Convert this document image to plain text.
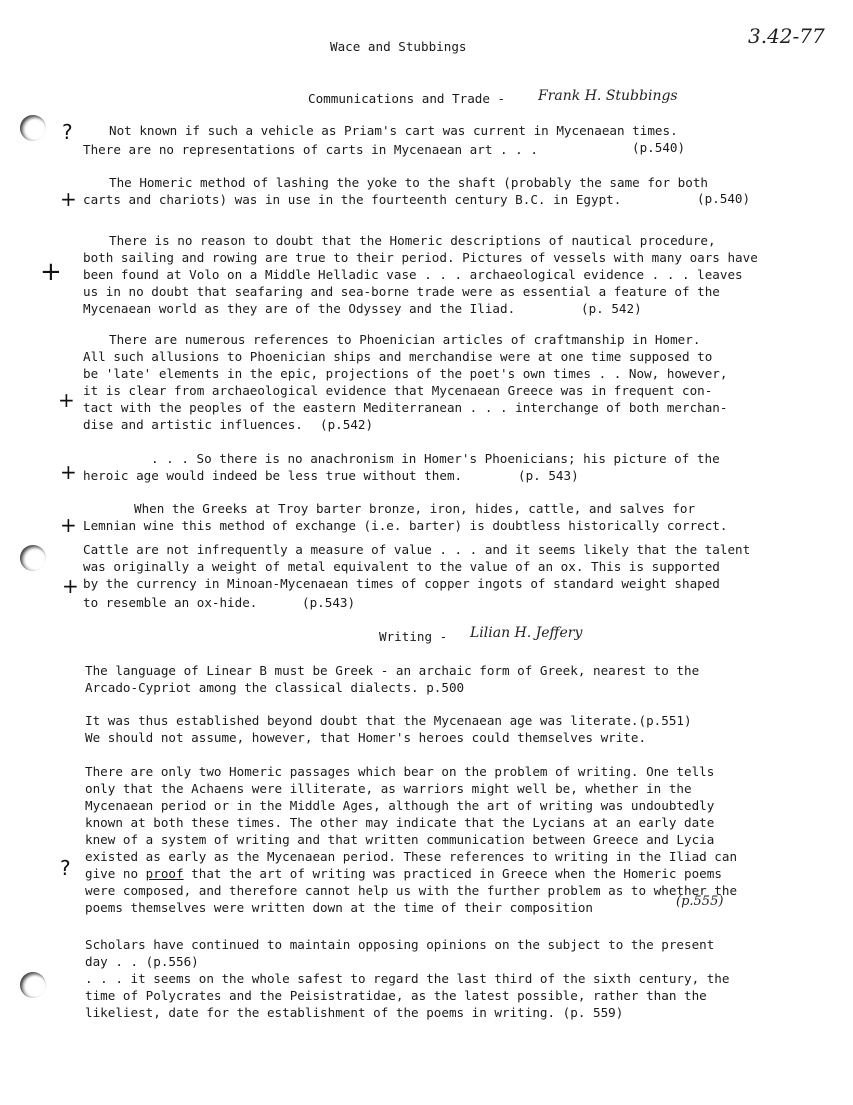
3.42-77
Wace and Stubbings
Communications and Trade - Frank H. Stubbings
?	Not known if such a vehicle as Priam's cart was current in Mycenaean times.
There are no representations of carts in Mycenaean art . . .	(p.540)
+
The Homeric method of lashing the yoke to the shaft (probably the same for both
carts and chariots) was in use in the fourteenth century B.C. in Egypt.	(p.540)
+
There is no reason to doubt that the Homeric descriptions of nautical procedure,
both sailing and rowing are true to their period. Pictures of vessels with many oars have
been found at Volo on a Middle Helladic vase . . . archaeological evidence . . . leaves
us in no doubt that seafaring and sea-borne trade were as essential a feature of the
Mycenaean world as they are of the Odyssey and the Iliad.	(p. 542)
+
There are numerous references to Phoenician articles of craftmanship in Homer.
All such allusions to Phoenician ships and merchandise were at one time supposed to
be 'late' elements in the epic, projections of the poet's own times . . Now, however,
it is clear from archaeological evidence that Mycenaean Greece was in frequent con-
tact with the peoples of the eastern Mediterranean . . . interchange of both merchan-
dise and artistic influences. (p.542)
+
. . . So there is no anachronism in Homer's Phoenicians; his picture of the
heroic age would indeed be less true without them.	(p. 543)
+
When the Greeks at Troy barter bronze, iron, hides, cattle, and salves for
Lemnian wine this method of exchange (i.e. barter) is doubtless historically correct.
+
Cattle are not infrequently a measure of value . . . and it seems likely that the talent
was originally a weight of metal equivalent to the value of an ox. This is supported
by the currency in Minoan-Mycenaean times of copper ingots of standard weight shaped
to resemble an ox-hide.	(p.543)
Writing - Lilian H. Jeffery
The language of Linear B must be Greek - an archaic form of Greek, nearest to the
Arcado-Cypriot among the classical dialects. p.500
It was thus established beyond doubt that the Mycenaean age was literate.(p.551)
We should not assume, however, that Homer's heroes could themselves write.
?
There are only two Homeric passages which bear on the problem of writing. One tells
only that the Achaens were illiterate, as warriors might well be, whether in the
Mycenaean period or in the Middle Ages, although the art of writing was undoubtedly
known at both these times. The other may indicate that the Lycians at an early date
knew of a system of writing and that written communication between Greece and Lycia
existed as early as the Mycenaean period. These references to writing in the Iliad can
give no proof that the art of writing was practiced in Greece when the Homeric poems
were composed, and therefore cannot help us with the further problem as to whether the
poems themselves were written down at the time of their composition	(p.555)
Scholars have continued to maintain opposing opinions on the subject to the present
day . . (p.556)
. . . it seems on the whole safest to regard the last third of the sixth century, the
time of Polycrates and the Peisistratidae, as the latest possible, rather than the
likeliest, date for the establishment of the poems in writing. (p. 559)
